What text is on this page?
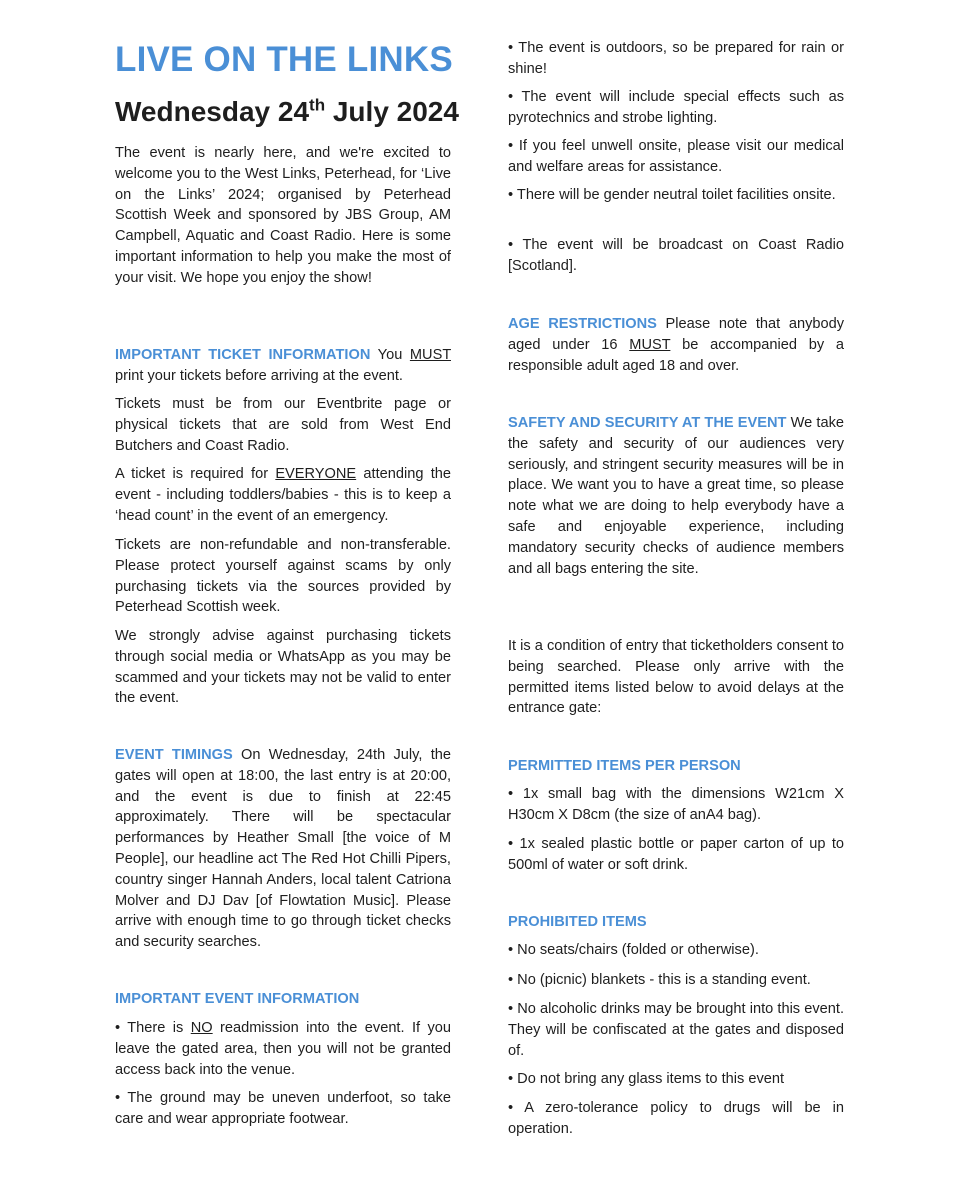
LIVE ON THE LINKS
Wednesday 24th July 2024

The event is nearly here, and we're excited to welcome you to the West Links, Peterhead, for ‘Live on the Links’ 2024; organised by Peterhead Scottish Week and sponsored by JBS Group, AM Campbell, Aquatic and Coast Radio. Here is some important information to help you make the most of your visit. We hope you enjoy the show!

IMPORTANT TICKET INFORMATION You MUST print your tickets before arriving at the event.

Tickets must be from our Eventbrite page or physical tickets that are sold from West End Butchers and Coast Radio.

A ticket is required for EVERYONE attending the event - including toddlers/babies - this is to keep a ‘head count’ in the event of an emergency.

Tickets are non-refundable and non-transferable. Please protect yourself against scams by only purchasing tickets via the sources provided by Peterhead Scottish week.

We strongly advise against purchasing tickets through social media or WhatsApp as you may be scammed and your tickets may not be valid to enter the event.

EVENT TIMINGS On Wednesday, 24th July, the gates will open at 18:00, the last entry is at 20:00, and the event is due to finish at 22:45 approximately. There will be spectacular performances by Heather Small [the voice of M People], our headline act The Red Hot Chilli Pipers, country singer Hannah Anders, local talent Catriona Molver and DJ Dav [of Flowtation Music]. Please arrive with enough time to go through ticket checks and security searches.

IMPORTANT EVENT INFORMATION

• There is NO readmission into the event. If you leave the gated area, then you will not be granted access back into the venue.

• The ground may be uneven underfoot, so take care and wear appropriate footwear.

• The event is outdoors, so be prepared for rain or shine!

• The event will include special effects such as pyrotechnics and strobe lighting.

• If you feel unwell onsite, please visit our medical and welfare areas for assistance.

• There will be gender neutral toilet facilities onsite.

• The event will be broadcast on Coast Radio [Scotland].

AGE RESTRICTIONS Please note that anybody aged under 16 MUST be accompanied by a responsible adult aged 18 and over.

SAFETY AND SECURITY AT THE EVENT We take the safety and security of our audiences very seriously, and stringent security measures will be in place. We want you to have a great time, so please note what we are doing to help everybody have a safe and enjoyable experience, including mandatory security checks of audience members and all bags entering the site.

It is a condition of entry that ticketholders consent to being searched. Please only arrive with the permitted items listed below to avoid delays at the entrance gate:

PERMITTED ITEMS PER PERSON

• 1x small bag with the dimensions W21cm X H30cm X D8cm (the size of anA4 bag).

• 1x sealed plastic bottle or paper carton of up to 500ml of water or soft drink.

PROHIBITED ITEMS

• No seats/chairs (folded or otherwise).

• No (picnic) blankets - this is a standing event.

• No alcoholic drinks may be brought into this event. They will be confiscated at the gates and disposed of.

• Do not bring any glass items to this event

• A zero-tolerance policy to drugs will be in operation.
